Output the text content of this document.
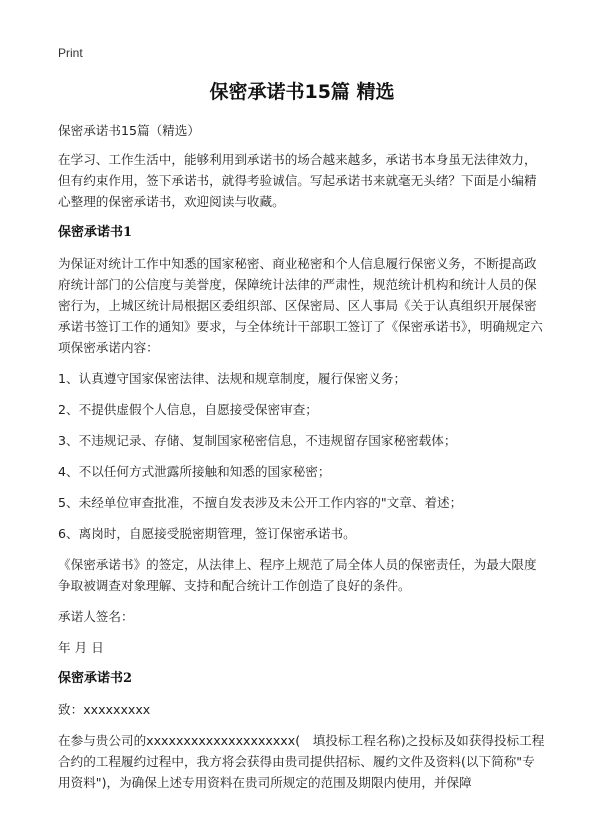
Print
保密承诺书15篇 精选

保密承诺书15篇（精选）

在学习、工作生活中，能够利用到承诺书的场合越来越多，承诺书本身虽无法律效力，但有约束作用，签下承诺书，就得考验诚信。写起承诺书来就毫无头绪？下面是小编精心整理的保密承诺书，欢迎阅读与收藏。

保密承诺书1

为保证对统计工作中知悉的国家秘密、商业秘密和个人信息履行保密义务，不断提高政府统计部门的公信度与美誉度，保障统计法律的严肃性，规范统计机构和统计人员的保密行为，上城区统计局根据区委组织部、区保密局、区人事局《关于认真组织开展保密承诺书签订工作的通知》要求，与全体统计干部职工签订了《保密承诺书》，明确规定六项保密承诺内容：

1、认真遵守国家保密法律、法规和规章制度，履行保密义务；

2、不提供虚假个人信息，自愿接受保密审查；

3、不违规记录、存储、复制国家秘密信息，不违规留存国家秘密载体；

4、不以任何方式泄露所接触和知悉的国家秘密；

5、未经单位审查批准，不擅自发表涉及未公开工作内容的"文章、着述；

6、离岗时，自愿接受脱密期管理，签订保密承诺书。

《保密承诺书》的签定，从法律上、程序上规范了局全体人员的保密责任，为最大限度争取被调查对象理解、支持和配合统计工作创造了良好的条件。

承诺人签名：

年 月 日

保密承诺书2

致：xxxxxxxxx

在参与贵公司的xxxxxxxxxxxxxxxxxxxx(　填投标工程名称)之投标及如获得投标工程合约的工程履约过程中，我方将会获得由贵司提供招标、履约文件及资料(以下简称"专用资料")，为确保上述专用资料在贵司所规定的范围及期限内使用，并保障
